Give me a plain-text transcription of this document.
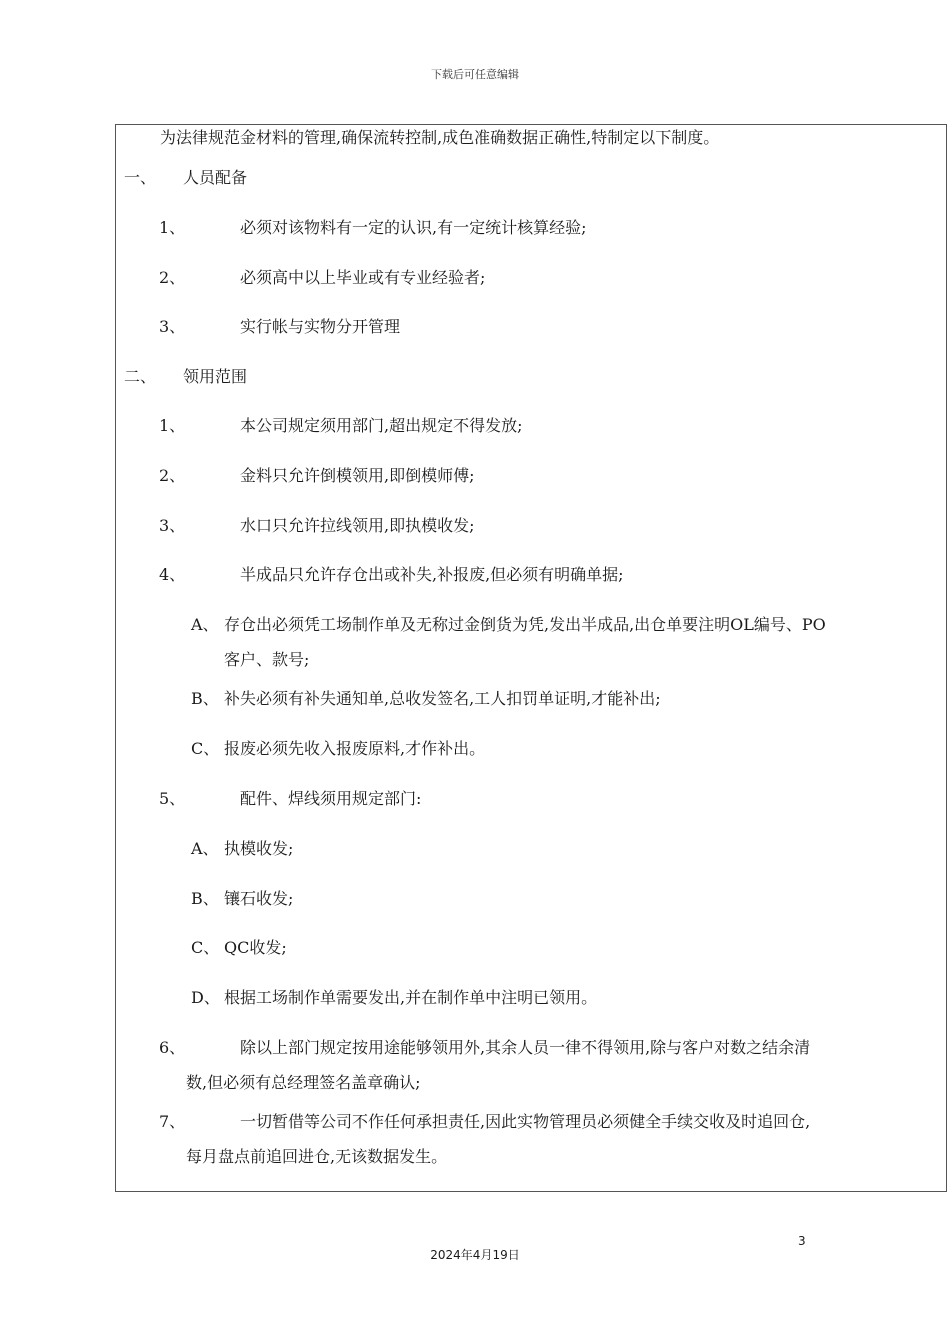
下载后可任意编辑
为法律规范金材料的管理,确保流转控制,成色准确数据正确性,特制定以下制度。
一、 人员配备
1、	必须对该物料有一定的认识,有一定统计核算经验;
2、	必须高中以上毕业或有专业经验者;
3、	实行帐与实物分开管理
二、 领用范围
1、	本公司规定须用部门,超出规定不得发放;
2、	金料只允许倒模领用,即倒模师傅;
3、	水口只允许拉线领用,即执模收发;
4、	半成品只允许存仓出或补失,补报废,但必须有明确单据;
A、 存仓出必须凭工场制作单及无称过金倒货为凭,发出半成品,出仓单要注明OL编号、PO
客户、款号;
B、 补失必须有补失通知单,总收发签名,工人扣罚单证明,才能补出;
C、 报废必须先收入报废原料,才作补出。
5、	配件、焊线须用规定部门:
A、 执模收发;
B、 镶石收发;
C、 QC收发;
D、 根据工场制作单需要发出,并在制作单中注明已领用。
6、	除以上部门规定按用途能够领用外,其余人员一律不得领用,除与客户对数之结余清
数,但必须有总经理签名盖章确认;
7、	一切暂借等公司不作任何承担责任,因此实物管理员必须健全手续交收及时追回仓,
每月盘点前追回进仓,无该数据发生。
3
2024年4月19日
